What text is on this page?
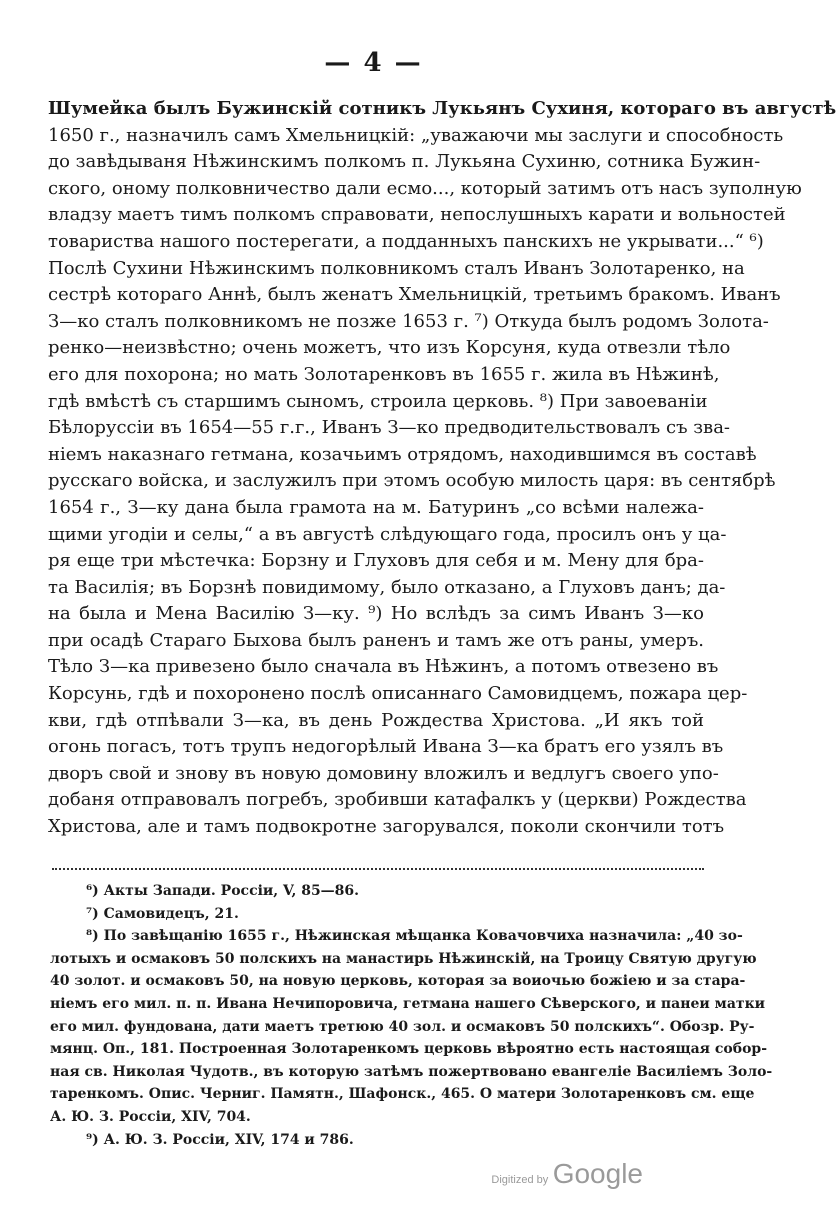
— 4 —
Шумейка былъ Бужинскій сотникъ Лукьянъ Сухиня, котораго въ августѣ
1650 г., назначилъ самъ Хмельницкій: „уважаючи мы заслуги и способность
до завѣдываня Нѣжинскимъ полкомъ п. Лукьяна Сухиню, сотника Бужин-
ского, оному полковничество дали есмо..., который затимъ отъ насъ зуполную
владзу маетъ тимъ полкомъ справовати, непослушныхъ карати и вольностей
товариства нашого постерегати, а подданныхъ панскихъ не укрывати...“ ⁶)
Послѣ Сухини Нѣжинскимъ полковникомъ сталъ Иванъ Золотаренко, на
сестрѣ котораго Аннѣ, былъ женатъ Хмельницкій, третьимъ бракомъ. Иванъ
З—ко сталъ полковникомъ не позже 1653 г. ⁷) Откуда былъ родомъ Золота-
ренко—неизвѣстно; очень можетъ, что изъ Корсуня, куда отвезли тѣло
его для похорона; но мать Золотаренковъ въ 1655 г. жила въ Нѣжинѣ,
гдѣ вмѣстѣ съ старшимъ сыномъ, строила церковь. ⁸) При завоеваніи
Бѣлоруссіи въ 1654—55 г.г., Иванъ З—ко предводительствовалъ съ зва-
ніемъ наказнаго гетмана, козачьимъ отрядомъ, находившимся въ составѣ
русскаго войска, и заслужилъ при этомъ особую милость царя: въ сентябрѣ
1654 г., З—ку дана была грамота на м. Батуринъ „со всѣми належа-
щими угодіи и селы,“ а въ августѣ слѣдующаго года, просилъ онъ у ца-
ря еще три мѣстечка: Борзну и Глуховъ для себя и м. Мену для бра-
та Василія; въ Борзнѣ повидимому, было отказано, а Глуховъ данъ; да-
на была и Мена Василію З—ку. ⁹) Но вслѣдъ за симъ Иванъ З—ко
при осадѣ Стараго Быхова былъ раненъ и тамъ же отъ раны, умеръ.
Тѣло З—ка привезено было сначала въ Нѣжинъ, а потомъ отвезено въ
Корсунь, гдѣ и похоронено послѣ описаннаго Самовидцемъ, пожара цер-
кви, гдѣ отпѣвали З—ка, въ день Рождества Христова. „И якъ той
огонь погасъ, тотъ трупъ недогорѣлый Ивана З—ка братъ его узялъ въ
дворъ свой и знову въ новую домовину вложилъ и ведлугъ своего упо-
добаня отправовалъ погребъ, зробивши катафалкъ у (церкви) Рождества
Христова, але и тамъ подвокротне загорувался, поколи скончили тотъ
⁶) Акты Запади. Россіи, V, 85—86.
⁷) Самовидецъ, 21.
⁸) По завѣщанію 1655 г., Нѣжинская мѣщанка Ковачовчиха назначила: „40 зо-
лотыхъ и осмаковъ 50 полскихъ на манастирь Нѣжинскій, на Троицу Святую другую
40 золот. и осмаковъ 50, на новую церковь, которая за воиочью божіею и за стара-
ніемъ его мил. п. п. Ивана Нечипоровича, гетмана нашего Сѣверского, и панеи матки
его мил. фундована, дати маетъ третюю 40 зол. и осмаковъ 50 полскихъ“. Обозр. Ру-
мянц. Оп., 181. Построенная Золотаренкомъ церковь вѣроятно есть настоящая собор-
ная св. Николая Чудотв., въ которую затѣмъ пожертвовано евангеліе Василіемъ Золо-
таренкомъ. Опис. Черниг. Памятн., Шафонск., 465. О матери Золотаренковъ см. еще
А. Ю. З. Россіи, XIV, 704.
⁹) А. Ю. З. Россіи, XIV, 174 и 786.
Digitized by Google
